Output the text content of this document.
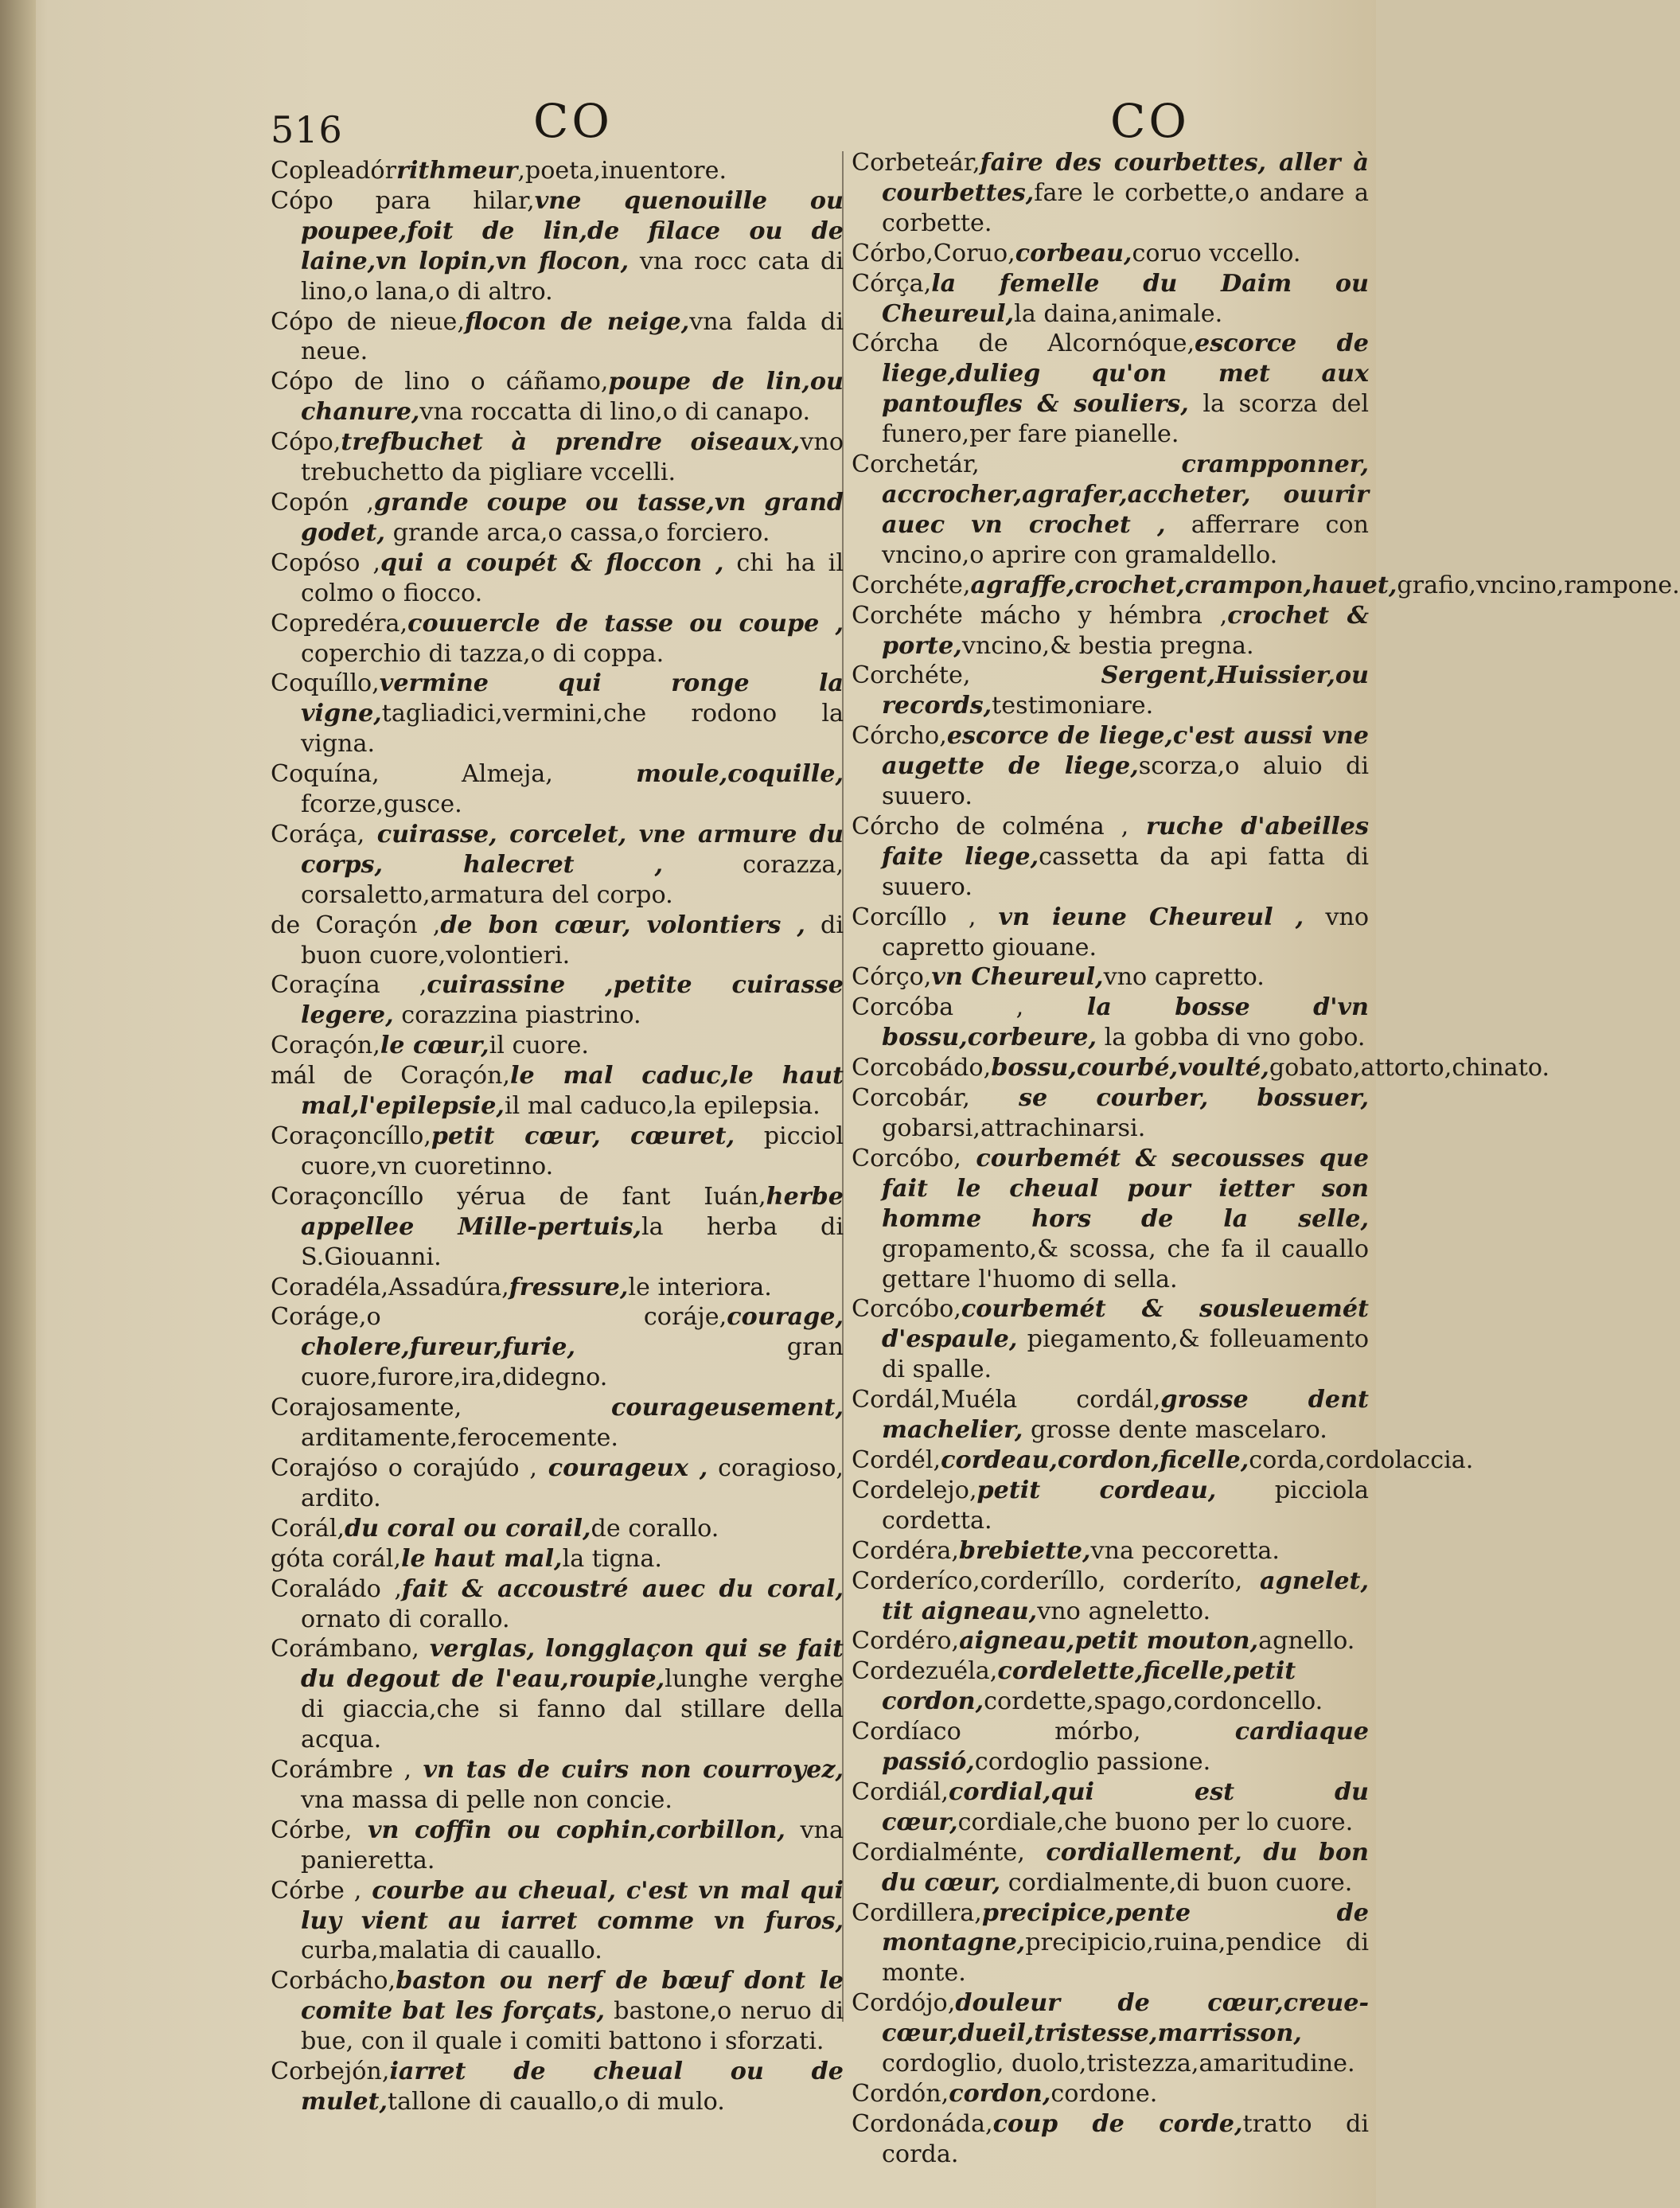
516	CO	CO

Copleadórrithmeur,poeta,inuentore.

Cópo para hilar,vne quenouille ou poupee,foit de lin,de filace ou de laine,vn lopin,vn flocon, vna rocc cata di lino,o lana,o di altro.

Cópo de nieue,flocon de neige,vna falda di neue.

Cópo de lino o cáñamo,poupe de lin,ou chanure,vna roccatta di lino,o di canapo.

Cópo,trefbuchet à prendre oiseaux,vno trebuchetto da pigliare vccelli.

Copón ,grande coupe ou tasse,vn grand godet, grande arca,o cassa,o forciero.

Copóso ,qui a coupét & floccon , chi ha il colmo o fiocco.

Copredéra,couuercle de tasse ou coupe , coperchio di tazza,o di coppa.

Coquíllo,vermine qui ronge la vigne,tagliadici,vermini,che rodono la vigna.

Coquína, Almeja, moule,coquille, fcorze,gusce.

Coráça, cuirasse, corcelet, vne armure du corps, halecret , corazza, corsaletto,armatura del corpo.

de Coraçón ,de bon cœur, volontiers , di buon cuore,volontieri.

Coraçína ,cuirassine ,petite cuirasse legere, corazzina piastrino.

Coraçón,le cœur,il cuore.

mál de Coraçón,le mal caduc,le haut mal,l'epilepsie,il mal caduco,la epilepsia.

Coraçoncíllo,petit cœur, cœuret, picciol cuore,vn cuoretinno.

Coraçoncíllo yérua de fant Iuán,herbe appellee Mille-pertuis,la herba di S.Giouanni.

Coradéla,Assadúra,fressure,le interiora.

Coráge,o coráje,courage, cholere,fureur,furie, gran cuore,furore,ira,didegno.

Corajosamente, courageusement, arditamente,ferocemente.

Corajóso o corajúdo , courageux , coragioso, ardito.

Corál,du coral ou corail,de corallo.

góta corál,le haut mal,la tigna.

Coraládo ,fait & accoustré auec du coral, ornato di corallo.

Corámbano, verglas, longglaçon qui se fait du degout de l'eau,roupie,lunghe verghe di giaccia,che si fanno dal stillare della acqua.

Corámbre , vn tas de cuirs non courroyez, vna massa di pelle non concie.

Córbe, vn coffin ou cophin,corbillon, vna panieretta.

Córbe , courbe au cheual, c'est vn mal qui luy vient au iarret comme vn furos, curba,malatia di cauallo.

Corbácho,baston ou nerf de bœuf dont le comite bat les forçats, bastone,o neruo di bue, con il quale i comiti battono i sforzati.

Corbejón,iarret de cheual ou de mulet,tallone di cauallo,o di mulo.

Corbeteár,faire des courbettes, aller à courbettes,fare le corbette,o andare a corbette.

Córbo,Coruo,corbeau,coruo vccello.

Córça,la femelle du Daim ou Cheureul,la daina,animale.

Córcha de Alcornóque,escorce de liege,dulieg qu'on met aux pantoufles & souliers, la scorza del funero,per fare pianelle.

Corchetár, crampponner, accrocher,agrafer,accheter, ouurir auec vn crochet , afferrare con vncino,o aprire con gramaldello.

Corchéte,agraffe,crochet,crampon,hauet,grafio,vncino,rampone.

Corchéte mácho y hémbra ,crochet & porte,vncino,& bestia pregna.

Corchéte, Sergent,Huissier,ou records,testimoniare.

Córcho,escorce de liege,c'est aussi vne augette de liege,scorza,o aluio di suuero.

Córcho de colména , ruche d'abeilles faite liege,cassetta da api fatta di suuero.

Corcíllo , vn ieune Cheureul , vno capretto giouane.

Córço,vn Cheureul,vno capretto.

Corcóba , la bosse d'vn bossu,corbeure, la gobba di vno gobo.

Corcobádo,bossu,courbé,voulté,gobato,attorto,chinato.

Corcobár, se courber, bossuer, gobarsi,attrachinarsi.

Corcóbo, courbemét & secousses que fait le cheual pour ietter son homme hors de la selle, gropamento,& scossa, che fa il cauallo gettare l'huomo di sella.

Corcóbo,courbemét & sousleuemét d'espaule, piegamento,& folleuamento di spalle.

Cordál,Muéla cordál,grosse dent machelier, grosse dente mascelaro.

Cordél,cordeau,cordon,ficelle,corda,cordolaccia.

Cordelejo,petit cordeau, picciola cordetta.

Cordéra,brebiette,vna peccoretta.

Corderíco,corderíllo, corderíto, agnelet, tit aigneau,vno agneletto.

Cordéro,aigneau,petit mouton,agnello.

Cordezuéla,cordelette,ficelle,petit cordon,cordette,spago,cordoncello.

Cordíaco mórbo, cardiaque passió,cordoglio passione.

Cordiál,cordial,qui est du cœur,cordiale,che buono per lo cuore.

Cordialménte, cordiallement, du bon du cœur, cordialmente,di buon cuore.

Cordillera,precipice,pente de montagne,precipicio,ruina,pendice di monte.

Cordójo,douleur de cœur,creue-cœur,dueil,tristesse,marrisson, cordoglio, duolo,tristezza,amaritudine.

Cordón,cordon,cordone.

Cordonáda,coup de corde,tratto di corda.
